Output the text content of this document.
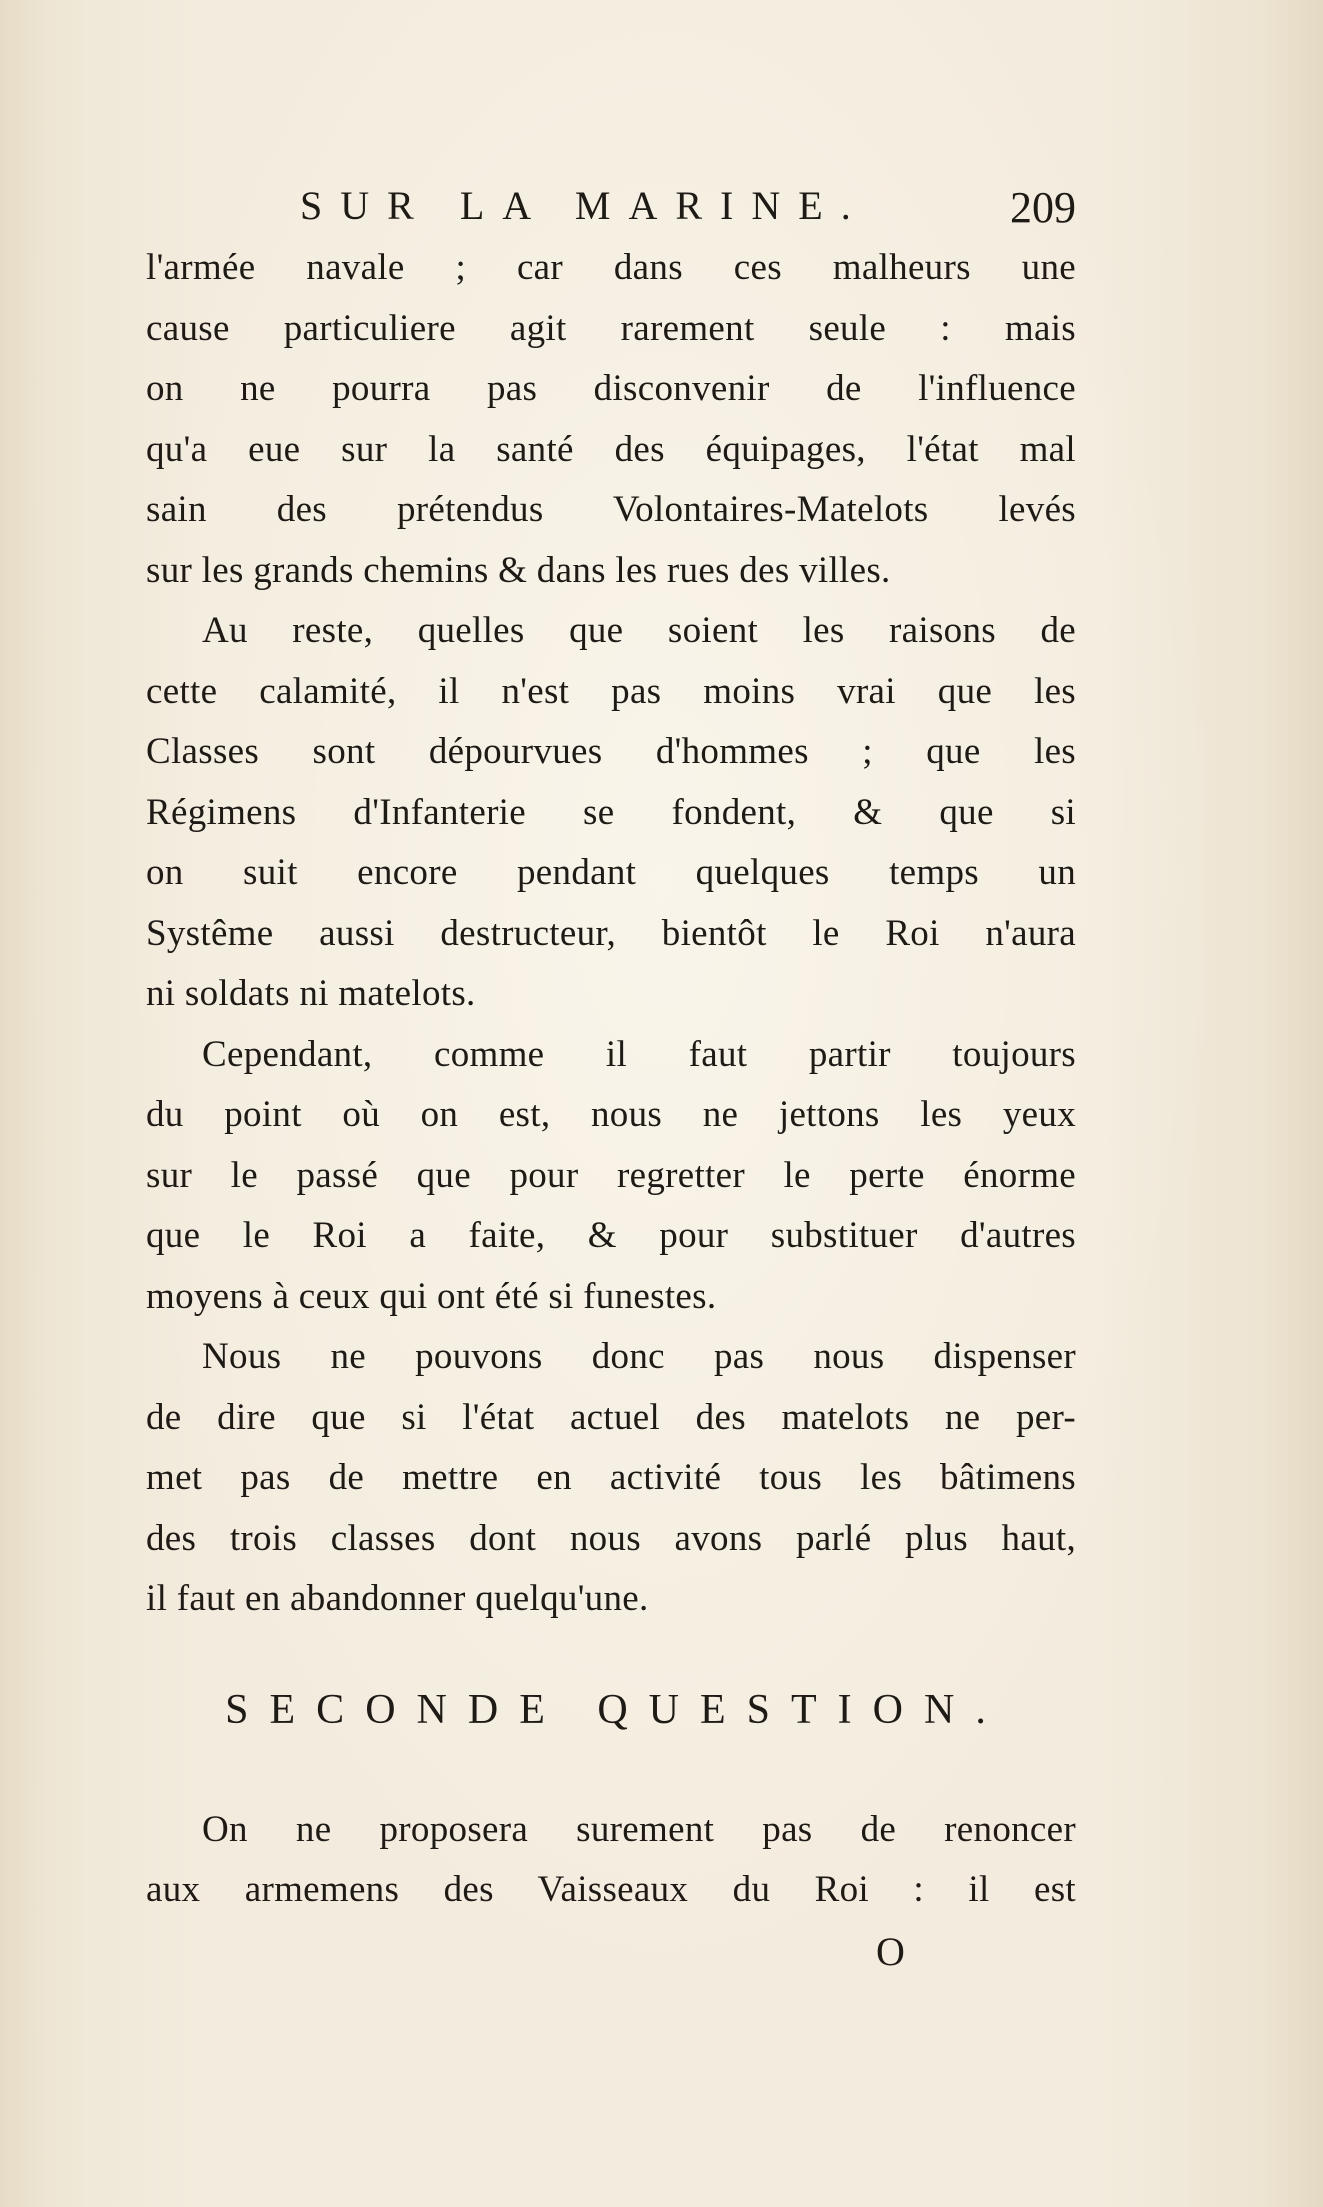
SUR LA MARINE.	209
l'armée navale ; car dans ces malheurs une
cause particuliere agit rarement seule : mais
on ne pourra pas disconvenir de l'influence
qu'a eue sur la santé des équipages, l'état mal
sain des prétendus Volontaires-Matelots levés
sur les grands chemins & dans les rues des villes.
Au reste, quelles que soient les raisons de
cette calamité, il n'est pas moins vrai que les
Classes sont dépourvues d'hommes ; que les
Régimens d'Infanterie se fondent, & que si
on suit encore pendant quelques temps un
Systême aussi destructeur, bientôt le Roi n'aura
ni soldats ni matelots.
Cependant, comme il faut partir toujours
du point où on est, nous ne jettons les yeux
sur le passé que pour regretter le perte énorme
que le Roi a faite, & pour substituer d'autres
moyens à ceux qui ont été si funestes.
Nous ne pouvons donc pas nous dispenser
de dire que si l'état actuel des matelots ne per-
met pas de mettre en activité tous les bâtimens
des trois classes dont nous avons parlé plus haut,
il faut en abandonner quelqu'une.
SECONDE QUESTION.
On ne proposera surement pas de renoncer
aux armemens des Vaisseaux du Roi : il est
O
